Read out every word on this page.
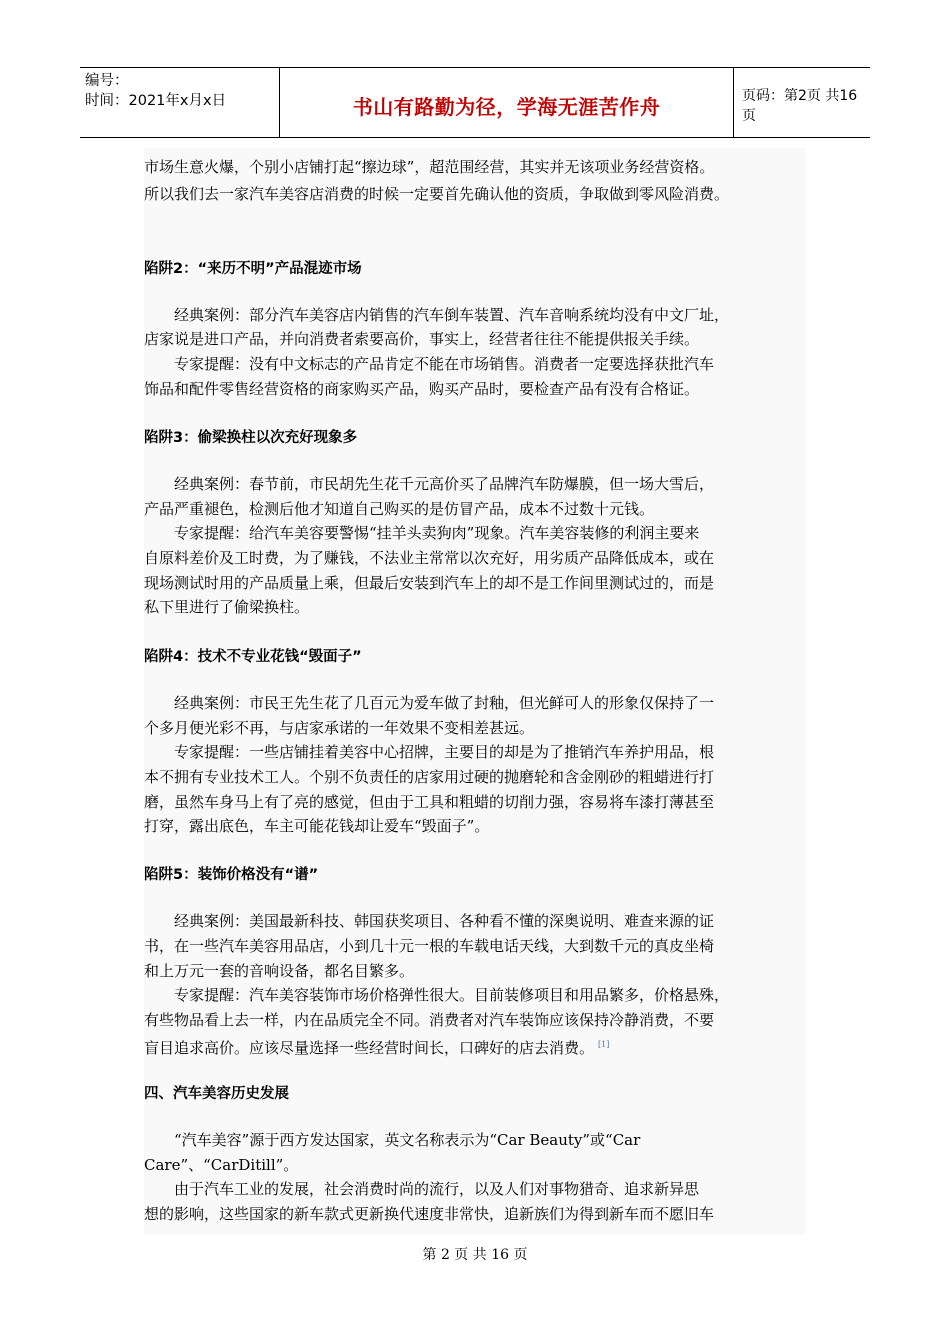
编号：
时间：2021年x月x日	书山有路勤为径，学海无涯苦作舟	页码：第2页 共16页
市场生意火爆，个别小店铺打起“擦边球”，超范围经营，其实并无该项业务经营资格。
所以我们去一家汽车美容店消费的时候一定要首先确认他的资质，争取做到零风险消费。
陷阱2：“来历不明”产品混迹市场
　　经典案例：部分汽车美容店内销售的汽车倒车装置、汽车音响系统均没有中文厂址，
店家说是进口产品，并向消费者索要高价，事实上，经营者往往不能提供报关手续。
　　专家提醒：没有中文标志的产品肯定不能在市场销售。消费者一定要选择获批汽车
饰品和配件零售经营资格的商家购买产品，购买产品时，要检查产品有没有合格证。
陷阱3：偷梁换柱以次充好现象多
　　经典案例：春节前，市民胡先生花千元高价买了品牌汽车防爆膜，但一场大雪后，
产品严重褪色，检测后他才知道自己购买的是仿冒产品，成本不过数十元钱。
　　专家提醒：给汽车美容要警惕“挂羊头卖狗肉”现象。汽车美容装修的利润主要来
自原料差价及工时费，为了赚钱，不法业主常常以次充好，用劣质产品降低成本，或在
现场测试时用的产品质量上乘，但最后安装到汽车上的却不是工作间里测试过的，而是
私下里进行了偷梁换柱。
陷阱4：技术不专业花钱“毁面子”
　　经典案例：市民王先生花了几百元为爱车做了封釉，但光鲜可人的形象仅保持了一
个多月便光彩不再，与店家承诺的一年效果不变相差甚远。
　　专家提醒：一些店铺挂着美容中心招牌，主要目的却是为了推销汽车养护用品，根
本不拥有专业技术工人。个别不负责任的店家用过硬的抛磨轮和含金刚砂的粗蜡进行打
磨，虽然车身马上有了亮的感觉，但由于工具和粗蜡的切削力强，容易将车漆打薄甚至
打穿，露出底色，车主可能花钱却让爱车“毁面子”。
陷阱5：装饰价格没有“谱”
　　经典案例：美国最新科技、韩国获奖项目、各种看不懂的深奥说明、难查来源的证
书，在一些汽车美容用品店，小到几十元一根的车载电话天线，大到数千元的真皮坐椅
和上万元一套的音响设备，都名目繁多。
　　专家提醒：汽车美容装饰市场价格弹性很大。目前装修项目和用品繁多，价格悬殊，
有些物品看上去一样，内在品质完全不同。消费者对汽车装饰应该保持冷静消费，不要
盲目追求高价。应该尽量选择一些经营时间长，口碑好的店去消费。 [1]
四、汽车美容历史发展
　　“汽车美容”源于西方发达国家，英文名称表示为“Car Beauty”或“Car
Care”、“CarDitill”。
　　由于汽车工业的发展，社会消费时尚的流行，以及人们对事物猎奇、追求新异思
想的影响，这些国家的新车款式更新换代速度非常快，追新族们为得到新车而不愿旧车
第 2 页 共 16 页
